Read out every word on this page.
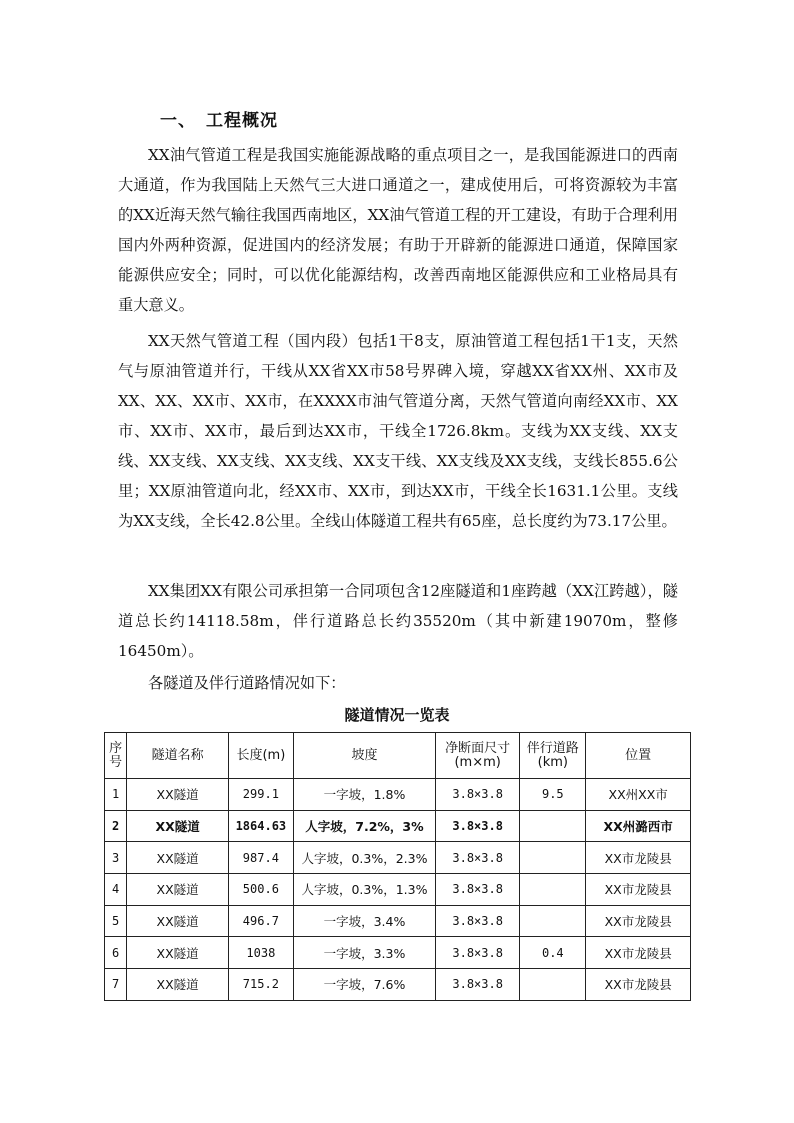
一、 工程概况

XX油气管道工程是我国实施能源战略的重点项目之一，是我国能源进口的西南大通道，作为我国陆上天然气三大进口通道之一，建成使用后，可将资源较为丰富的XX近海天然气输往我国西南地区，XX油气管道工程的开工建设，有助于合理利用国内外两种资源，促进国内的经济发展；有助于开辟新的能源进口通道，保障国家能源供应安全；同时，可以优化能源结构，改善西南地区能源供应和工业格局具有重大意义。

XX天然气管道工程（国内段）包括1干8支，原油管道工程包括1干1支，天然气与原油管道并行，干线从XX省XX市58号界碑入境，穿越XX省XX州、XX市及XX、XX、XX市、XX市，在XXXX市油气管道分离，天然气管道向南经XX市、XX市、XX市、XX市，最后到达XX市，干线全1726.8km。支线为XX支线、XX支线、XX支线、XX支线、XX支线、XX支干线、XX支线及XX支线，支线长855.6公里；XX原油管道向北，经XX市、XX市，到达XX市，干线全长1631.1公里。支线为XX支线，全长42.8公里。全线山体隧道工程共有65座，总长度约为73.17公里。

XX集团XX有限公司承担第一合同项包含12座隧道和1座跨越（XX江跨越），隧道总长约14118.58m，伴行道路总长约35520m（其中新建19070m，整修16450m）。

各隧道及伴行道路情况如下：

隧道情况一览表
序号	隧道名称	长度(m)	坡度	净断面尺寸(m×m)	伴行道路(km)	位置
1	XX隧道	299.1	一字坡，1.8%	3.8×3.8	9.5	XX州XX市
2	XX隧道	1864.63	人字坡，7.2%，3%	3.8×3.8		XX州潞西市
3	XX隧道	987.4	人字坡，0.3%，2.3%	3.8×3.8		XX市龙陵县
4	XX隧道	500.6	人字坡，0.3%，1.3%	3.8×3.8		XX市龙陵县
5	XX隧道	496.7	一字坡，3.4%	3.8×3.8		XX市龙陵县
6	XX隧道	1038	一字坡，3.3%	3.8×3.8	0.4	XX市龙陵县
7	XX隧道	715.2	一字坡，7.6%	3.8×3.8		XX市龙陵县
